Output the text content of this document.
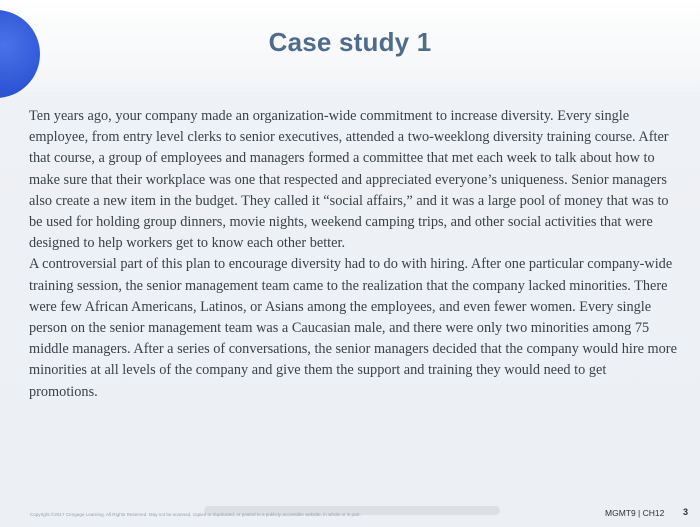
Case study 1

Ten years ago, your company made an organization-wide commitment to increase diversity. Every single employee, from entry level clerks to senior executives, attended a two-weeklong diversity training course. After that course, a group of employees and managers formed a committee that met each week to talk about how to make sure that their workplace was one that respected and appreciated everyone’s uniqueness. Senior managers also create a new item in the budget. They called it “social affairs,” and it was a large pool of money that was to be used for holding group dinners, movie nights, weekend camping trips, and other social activities that were designed to help workers get to know each other better.

A controversial part of this plan to encourage diversity had to do with hiring. After one particular company-wide training session, the senior management team came to the realization that the company lacked minorities. There were few African Americans, Latinos, or Asians among the employees, and even fewer women. Every single person on the senior management team was a Caucasian male, and there were only two minorities among 75 middle managers. After a series of conversations, the senior managers decided that the company would hire more minorities at all levels of the company and give them the support and training they would need to get promotions.

Copyright ©2017 Cengage Learning. All Rights Reserved. May not be scanned, copied or duplicated, or posted to a publicly accessible website, in whole or in part.	MGMT9 | CH12 3
